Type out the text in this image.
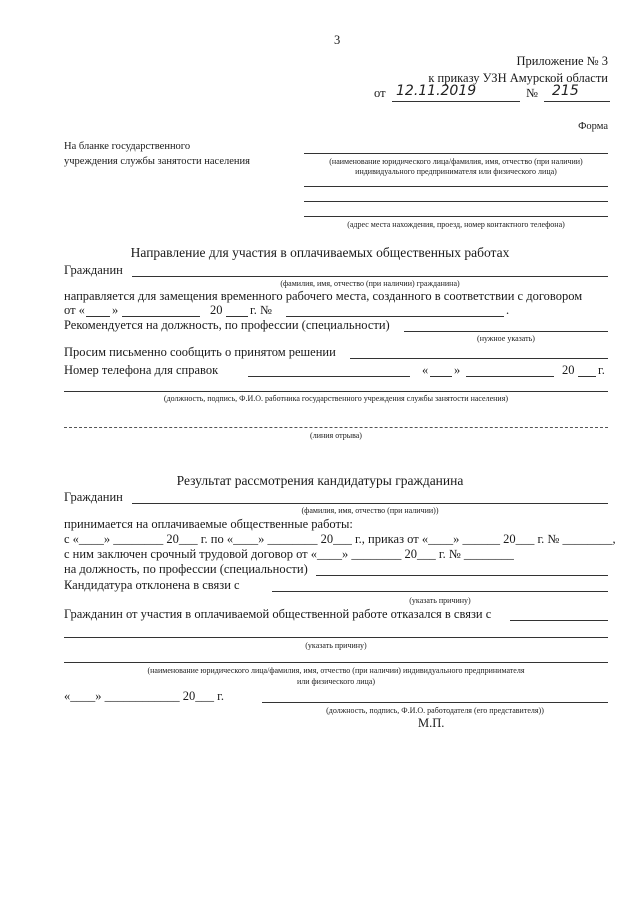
3
Приложение № 3
к приказу УЗН Амурской области
от 12.11.2019	№ 215
Форма
На бланке государственного
учреждения службы занятости населения	(наименование юридического лица/фамилия, имя, отчество (при наличии)
индивидуального предпринимателя или физического лица)
(адрес места нахождения, проезд, номер контактного телефона)
Направление для участия в оплачиваемых общественных работах
Гражданин
(фамилия, имя, отчество (при наличии) гражданина)
направляется для замещения временного рабочего места, созданного в соответствии с договором
от « »	20 г. №	.
Рекомендуется на должность, по профессии (специальности)
(нужное указать)
Просим письменно сообщить о принятом решении
Номер телефона для справок	« »	20 г.
(должность, подпись, Ф.И.О. работника государственного учреждения службы занятости населения)
(линия отрыва)
Результат рассмотрения кандидатуры гражданина
Гражданин
(фамилия, имя, отчество (при наличии))
принимается на оплачиваемые общественные работы:
с «____» ________ 20___ г. по «____» ________ 20___ г., приказ от «____» ______ 20___ г. № ________,
с ним заключен срочный трудовой договор от «____» ________ 20___ г. № ________
на должность, по профессии (специальности)
Кандидатура отклонена в связи с
(указать причину)
Гражданин от участия в оплачиваемой общественной работе отказался в связи с
(указать причину)
(наименование юридического лица/фамилия, имя, отчество (при наличии) индивидуального предпринимателя
или физического лица)
«____» ____________ 20___ г.
(должность, подпись, Ф.И.О. работодателя (его представителя))
М.П.
